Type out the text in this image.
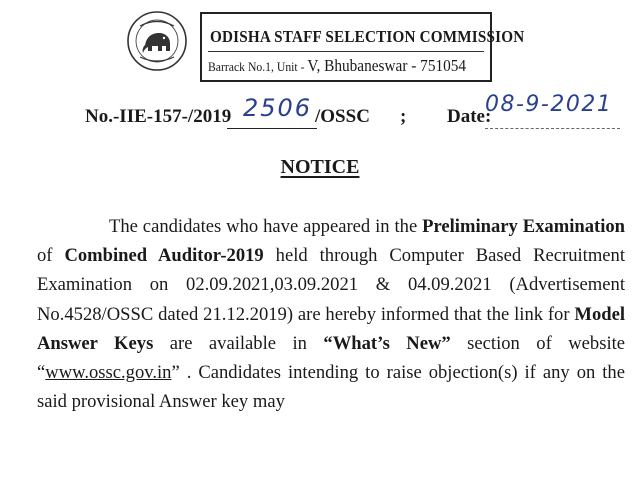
ODISHA STAFF SELECTION COMMISSION
Barrack No.1, Unit - V, Bhubaneswar - 751054
No.-IIE-157-/2019 2506 /OSSC ; Date:
08-9-2021
NOTICE
The candidates who have appeared in the Preliminary Examination of Combined Auditor-2019 held through Computer Based Recruitment Examination on 02.09.2021,03.09.2021 & 04.09.2021 (Advertisement No.4528/OSSC dated 21.12.2019) are hereby informed that the link for Model Answer Keys are available in “What’s New” section of website “www.ossc.gov.in” . Candidates intending to raise objection(s) if any on the said provisional Answer key may
